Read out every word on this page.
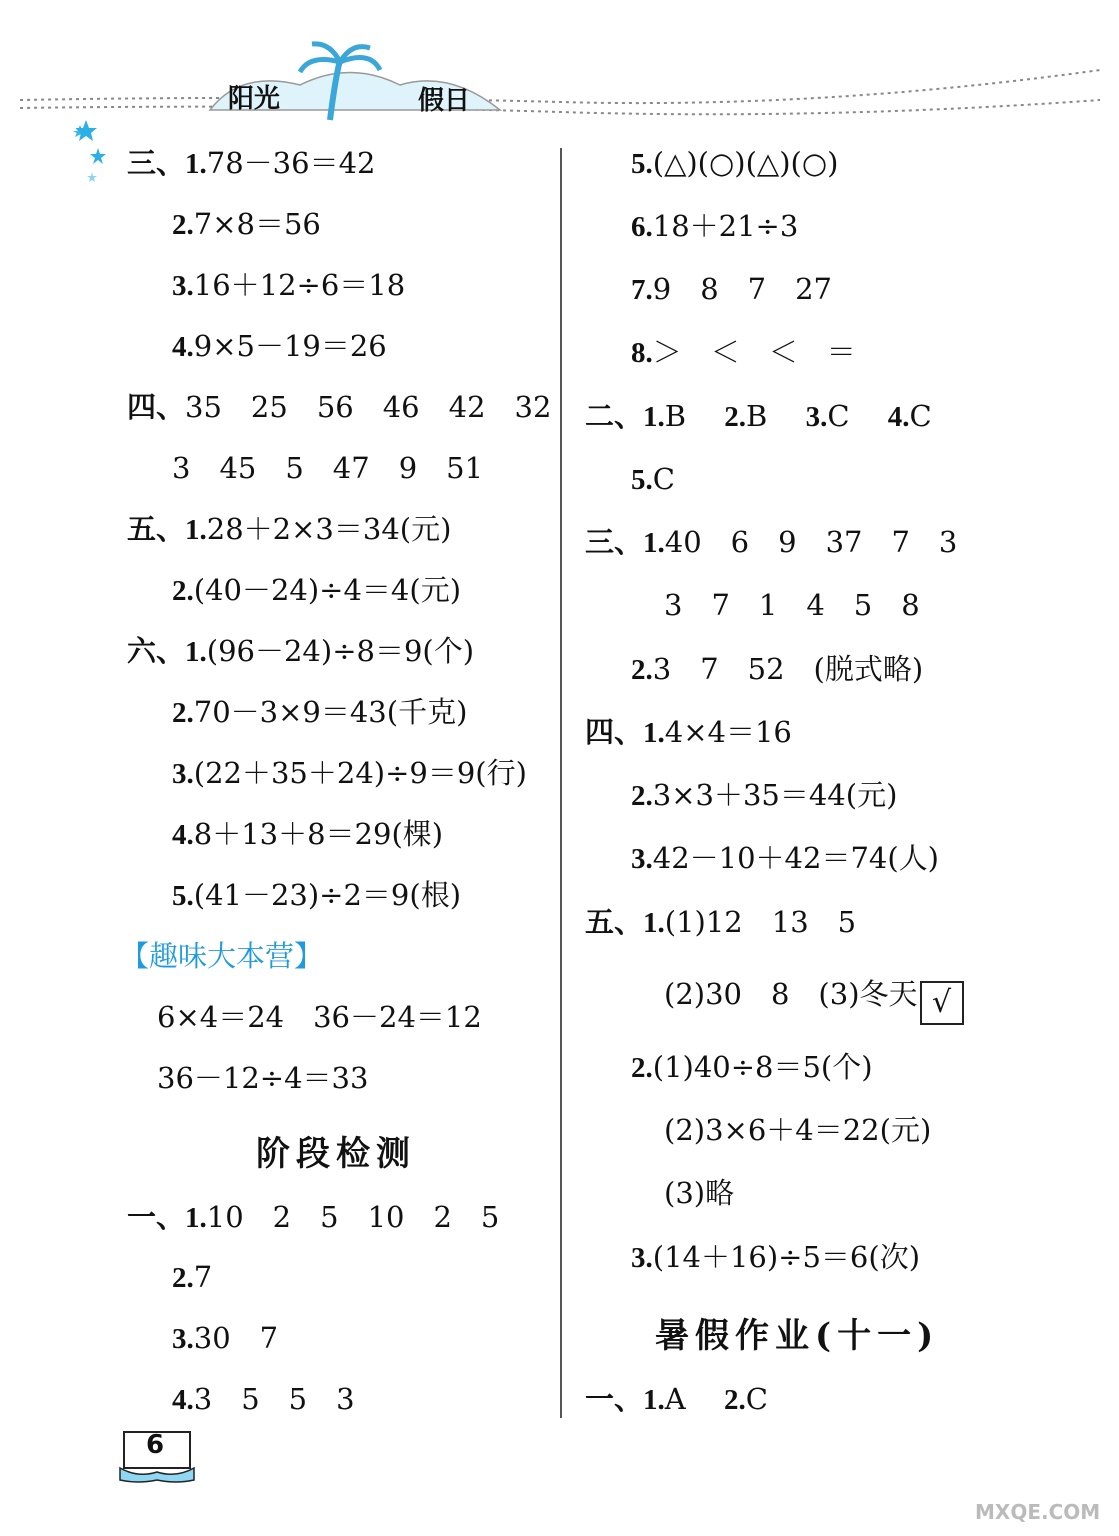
阳光	假日
三、1.78－36＝42
2.7×8＝56
3.16＋12÷6＝18
4.9×5－19＝26
四、35　25　56　46　42　32
3　45　5　47　9　51
五、1.28＋2×3＝34(元)
2.(40－24)÷4＝4(元)
六、1.(96－24)÷8＝9(个)
2.70－3×9＝43(千克)
3.(22＋35＋24)÷9＝9(行)
4.8＋13＋8＝29(棵)
5.(41－23)÷2＝9(根)
【趣味大本营】
6×4＝24　36－24＝12
36－12÷4＝33
阶段检测
一、1.10　2　5　10　2　5
2.7
3.30　7
4.3　5　5　3
5.(△)(○)(△)(○)
6.18＋21÷3
7.9　8　7　27
8.＞　＜　＜　＝
二、1.B　 2.B　 3.C　 4.C
5.C
三、1.40　6　9　37　7　3
3　7　1　4　5　8
2.3　7　52　(脱式略)
四、1.4×4＝16
2.3×3＋35＝44(元)
3.42－10＋42＝74(人)
五、1.(1)12　13　5
(2)30　8　(3)冬天 √
2.(1)40÷8＝5(个)
(2)3×6＋4＝22(元)
(3)略
3.(14＋16)÷5＝6(次)
暑假作业(十一)
一、1.A　 2.C
6
MXQE.COM
